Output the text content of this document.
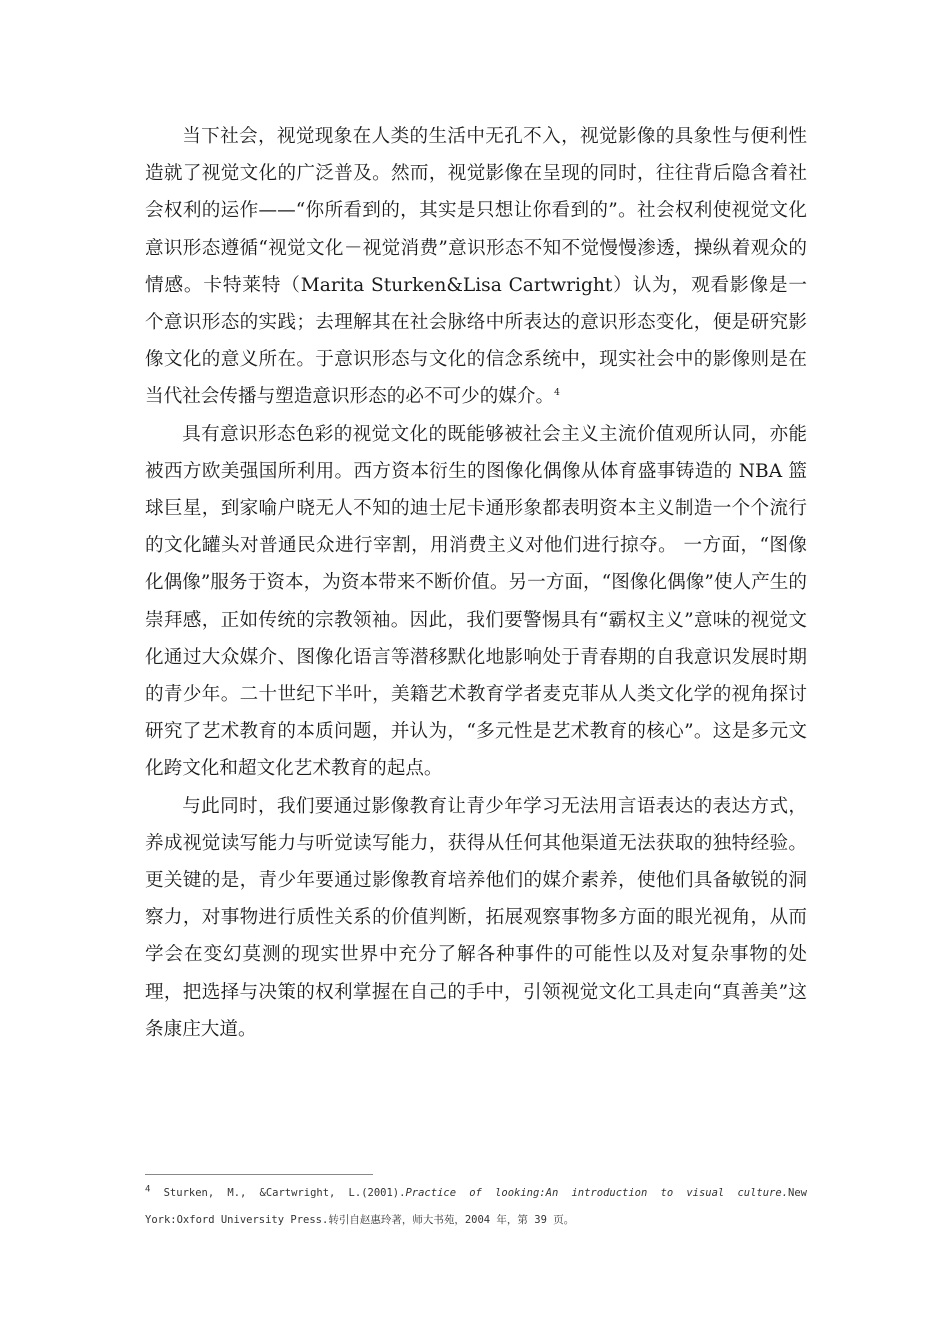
当下社会，视觉现象在人类的生活中无孔不入，视觉影像的具象性与便利性造就了视觉文化的广泛普及。然而，视觉影像在呈现的同时，往往背后隐含着社会权利的运作——“你所看到的，其实是只想让你看到的”。社会权利使视觉文化意识形态遵循“视觉文化－视觉消费”意识形态不知不觉慢慢渗透，操纵着观众的情感。卡特莱特（Marita Sturken&Lisa Cartwright）认为，观看影像是一个意识形态的实践；去理解其在社会脉络中所表达的意识形态变化，便是研究影像文化的意义所在。于意识形态与文化的信念系统中，现实社会中的影像则是在当代社会传播与塑造意识形态的必不可少的媒介。$^4$

具有意识形态色彩的视觉文化的既能够被社会主义主流价值观所认同，亦能被西方欧美强国所利用。西方资本衍生的图像化偶像从体育盛事铸造的 NBA 篮球巨星，到家喻户晓无人不知的迪士尼卡通形象都表明资本主义制造一个个流行的文化罐头对普通民众进行宰割，用消费主义对他们进行掠夺。 一方面，“图像化偶像”服务于资本，为资本带来不断价值。另一方面，“图像化偶像”使人产生的崇拜感，正如传统的宗教领袖。因此，我们要警惕具有“霸权主义”意味的视觉文化通过大众媒介、图像化语言等潜移默化地影响处于青春期的自我意识发展时期的青少年。二十世纪下半叶，美籍艺术教育学者麦克菲从人类文化学的视角探讨研究了艺术教育的本质问题，并认为，“多元性是艺术教育的核心”。这是多元文化跨文化和超文化艺术教育的起点。

与此同时，我们要通过影像教育让青少年学习无法用言语表达的表达方式，养成视觉读写能力与听觉读写能力，获得从任何其他渠道无法获取的独特经验。更关键的是，青少年要通过影像教育培养他们的媒介素养，使他们具备敏锐的洞察力，对事物进行质性关系的价值判断，拓展观察事物多方面的眼光视角，从而学会在变幻莫测的现实世界中充分了解各种事件的可能性以及对复杂事物的处理，把选择与决策的权利掌握在自己的手中，引领视觉文化工具走向“真善美”这条康庄大道。

$^4$ Sturken, M., &Cartwright, L.(2001).Practice of looking:An introduction to visual culture.New York:Oxford University Press.转引自赵惠玲著，师大书苑，2004 年，第 39 页。
